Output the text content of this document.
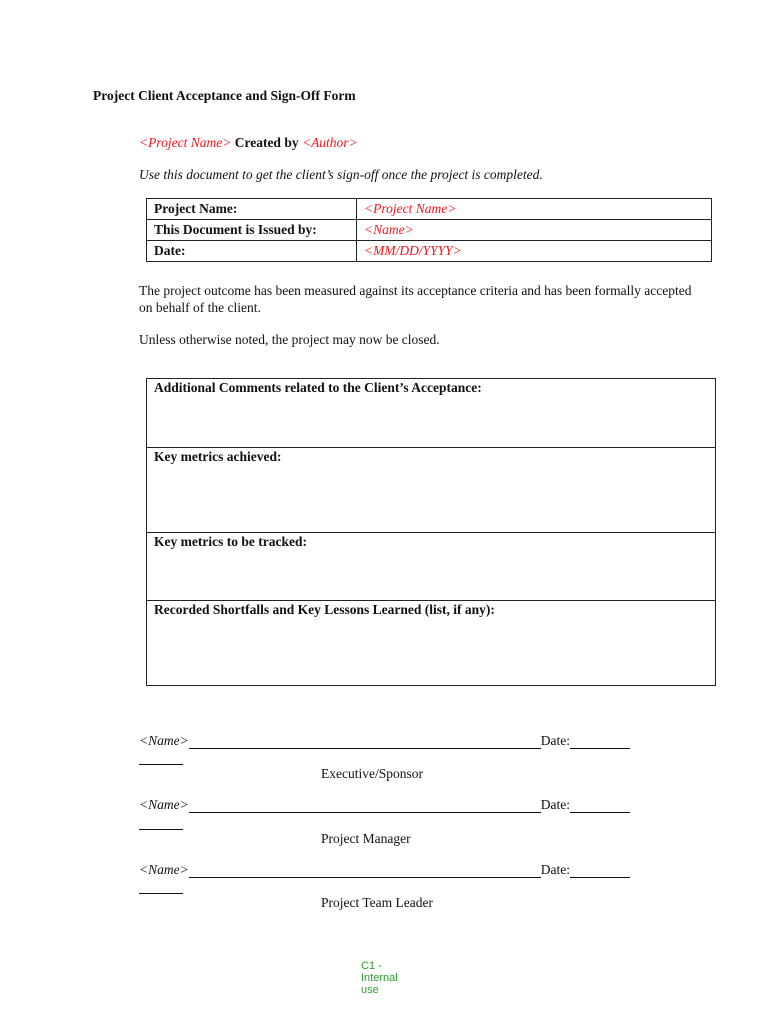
Project Client Acceptance and Sign-Off Form
<Project Name> Created by <Author>
Use this document to get the client’s sign-off once the project is completed.
Project Name:	<Project Name>
This Document is Issued by:	<Name>
Date:	<MM/DD/YYYY>
The project outcome has been measured against its acceptance criteria and has been formally accepted on behalf of the client.
Unless otherwise noted, the project may now be closed.
Additional Comments related to the Client’s Acceptance:
Key metrics achieved:
Key metrics to be tracked:
Recorded Shortfalls and Key Lessons Learned (list, if any):
<Name>	Date:
Executive/Sponsor
<Name>	Date:
Project Manager
<Name>	Date:
Project Team Leader
C1 - Internal use
